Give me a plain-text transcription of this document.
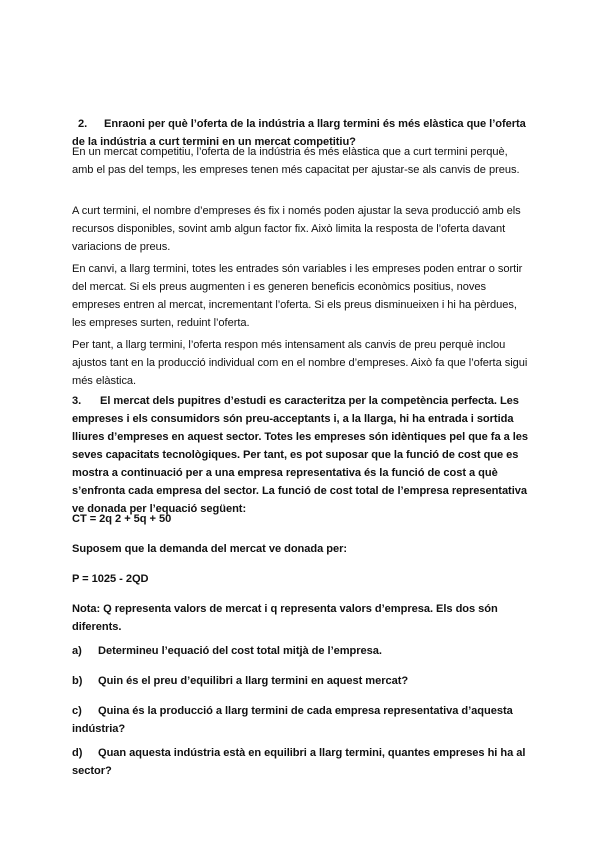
2. Enraoni per què l’oferta de la indústria a llarg termini és més elàstica que l’oferta de la indústria a curt termini en un mercat competitiu?

En un mercat competitiu, l’oferta de la indústria és més elàstica que a curt termini perquè, amb el pas del temps, les empreses tenen més capacitat per ajustar-se als canvis de preus.

A curt termini, el nombre d’empreses és fix i només poden ajustar la seva producció amb els recursos disponibles, sovint amb algun factor fix. Això limita la resposta de l’oferta davant variacions de preus.

En canvi, a llarg termini, totes les entrades són variables i les empreses poden entrar o sortir del mercat. Si els preus augmenten i es generen beneficis econòmics positius, noves empreses entren al mercat, incrementant l’oferta. Si els preus disminueixen i hi ha pèrdues, les empreses surten, reduint l’oferta.

Per tant, a llarg termini, l’oferta respon més intensament als canvis de preu perquè inclou ajustos tant en la producció individual com en el nombre d’empreses. Això fa que l’oferta sigui més elàstica.

3. El mercat dels pupitres d’estudi es caracteritza per la competència perfecta. Les empreses i els consumidors són preu-acceptants i, a la llarga, hi ha entrada i sortida lliures d’empreses en aquest sector. Totes les empreses són idèntiques pel que fa a les seves capacitats tecnològiques. Per tant, es pot suposar que la funció de cost que es mostra a continuació per a una empresa representativa és la funció de cost a què s’enfronta cada empresa del sector. La funció de cost total de l’empresa representativa ve donada per l’equació següent:

CT = 2q 2 + 5q + 50

Suposem que la demanda del mercat ve donada per:

P = 1025 - 2QD

Nota: Q representa valors de mercat i q representa valors d’empresa. Els dos són diferents.

a) Determineu l’equació del cost total mitjà de l’empresa.

b) Quin és el preu d’equilibri a llarg termini en aquest mercat?

c) Quina és la producció a llarg termini de cada empresa representativa d’aquesta indústria?

d) Quan aquesta indústria està en equilibri a llarg termini, quantes empreses hi ha al sector?
